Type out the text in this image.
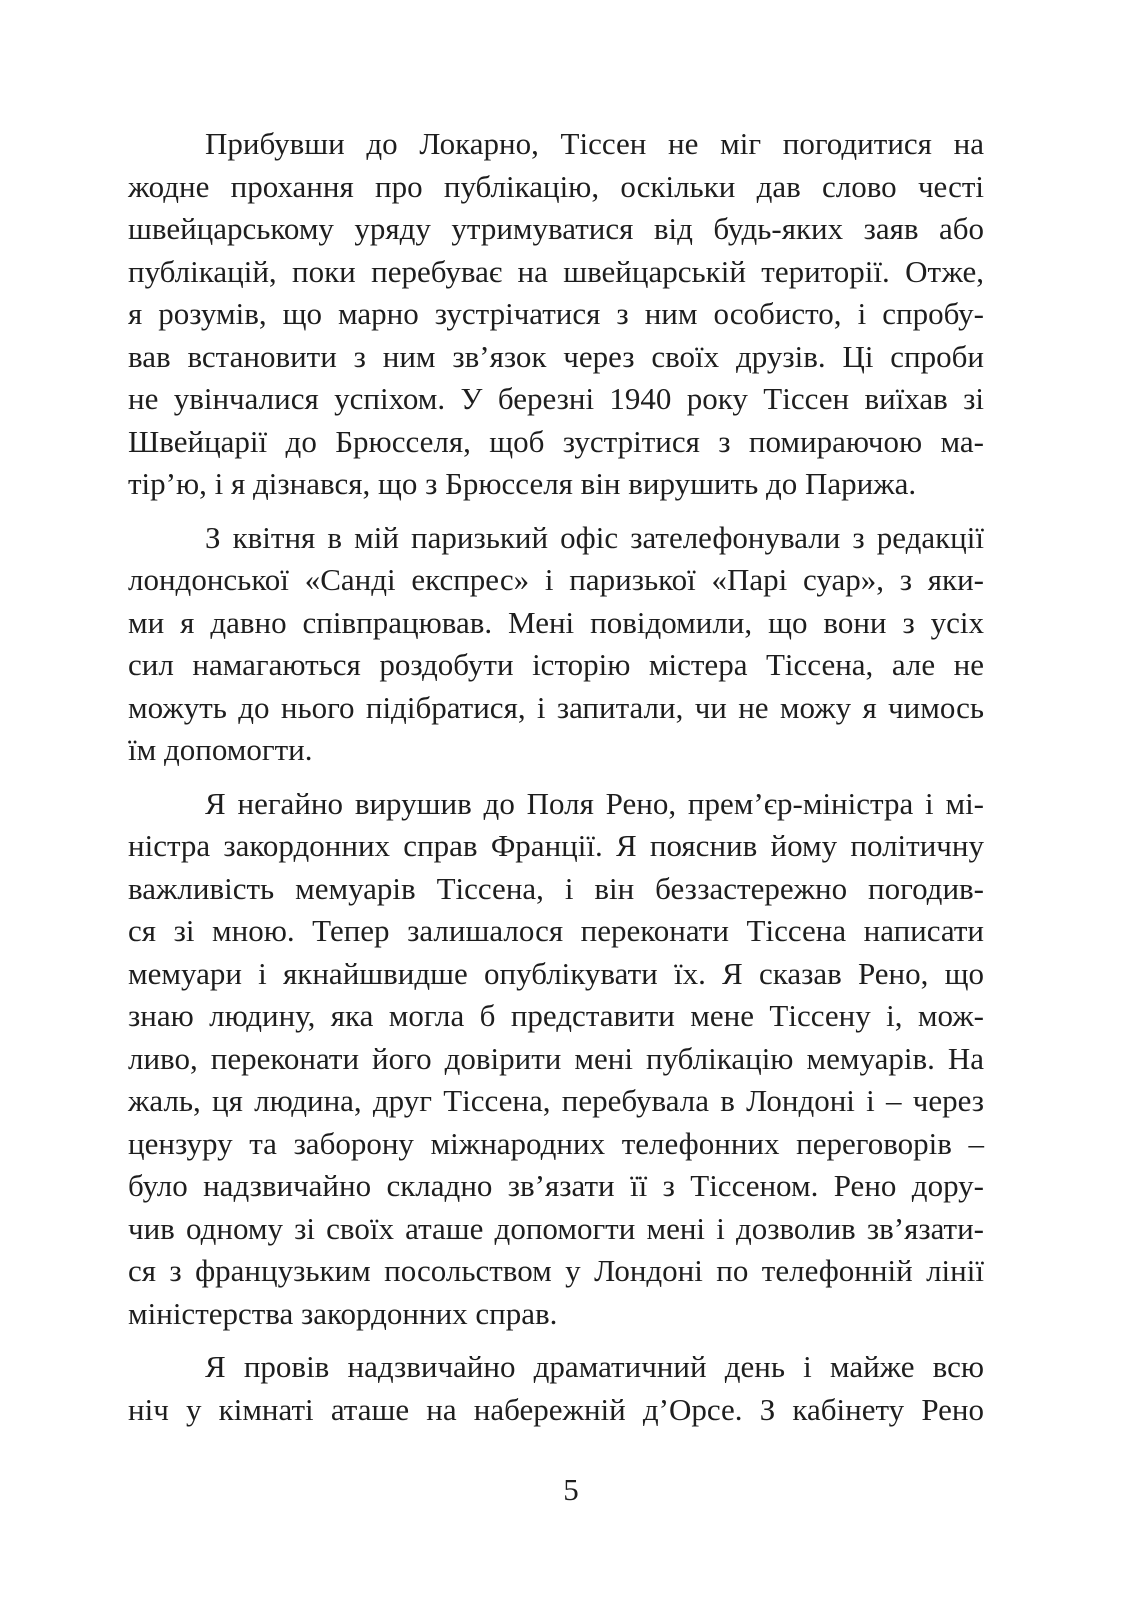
Прибувши до Локарно, Тіссен не міг погодитися на
жодне прохання про публікацію, оскільки дав слово честі
швейцарському уряду утримуватися від будь-яких заяв або
публікацій, поки перебуває на швейцарській території. Отже,
я розумів, що марно зустрічатися з ним особисто, і спробу-
вав встановити з ним зв’язок через своїх друзів. Ці спроби
не увінчалися успіхом. У березні 1940 року Тіссен виїхав зі
Швейцарії до Брюсселя, щоб зустрітися з помираючою ма-
тір’ю, і я дізнався, що з Брюсселя він вирушить до Парижа.
З квітня в мій паризький офіс зателефонували з редакції
лондонської «Санді експрес» і паризької «Парі суар», з яки-
ми я давно співпрацював. Мені повідомили, що вони з усіх
сил намагаються роздобути історію містера Тіссена, але не
можуть до нього підібратися, і запитали, чи не можу я чимось
їм допомогти.
Я негайно вирушив до Поля Рено, прем’єр-міністра і мі-
ністра закордонних справ Франції. Я пояснив йому політичну
важливість мемуарів Тіссена, і він беззастережно погодив-
ся зі мною. Тепер залишалося переконати Тіссена написати
мемуари і якнайшвидше опублікувати їх. Я сказав Рено, що
знаю людину, яка могла б представити мене Тіссену і, мож-
ливо, переконати його довірити мені публікацію мемуарів. На
жаль, ця людина, друг Тіссена, перебувала в Лондоні і – через
цензуру та заборону міжнародних телефонних переговорів –
було надзвичайно складно зв’язати її з Тіссеном. Рено дору-
чив одному зі своїх аташе допомогти мені і дозволив зв’язати-
ся з французьким посольством у Лондоні по телефонній лінії
міністерства закордонних справ.
Я провів надзвичайно драматичний день і майже всю
ніч у кімнаті аташе на набережній д’Орсе. З кабінету Рено
5
